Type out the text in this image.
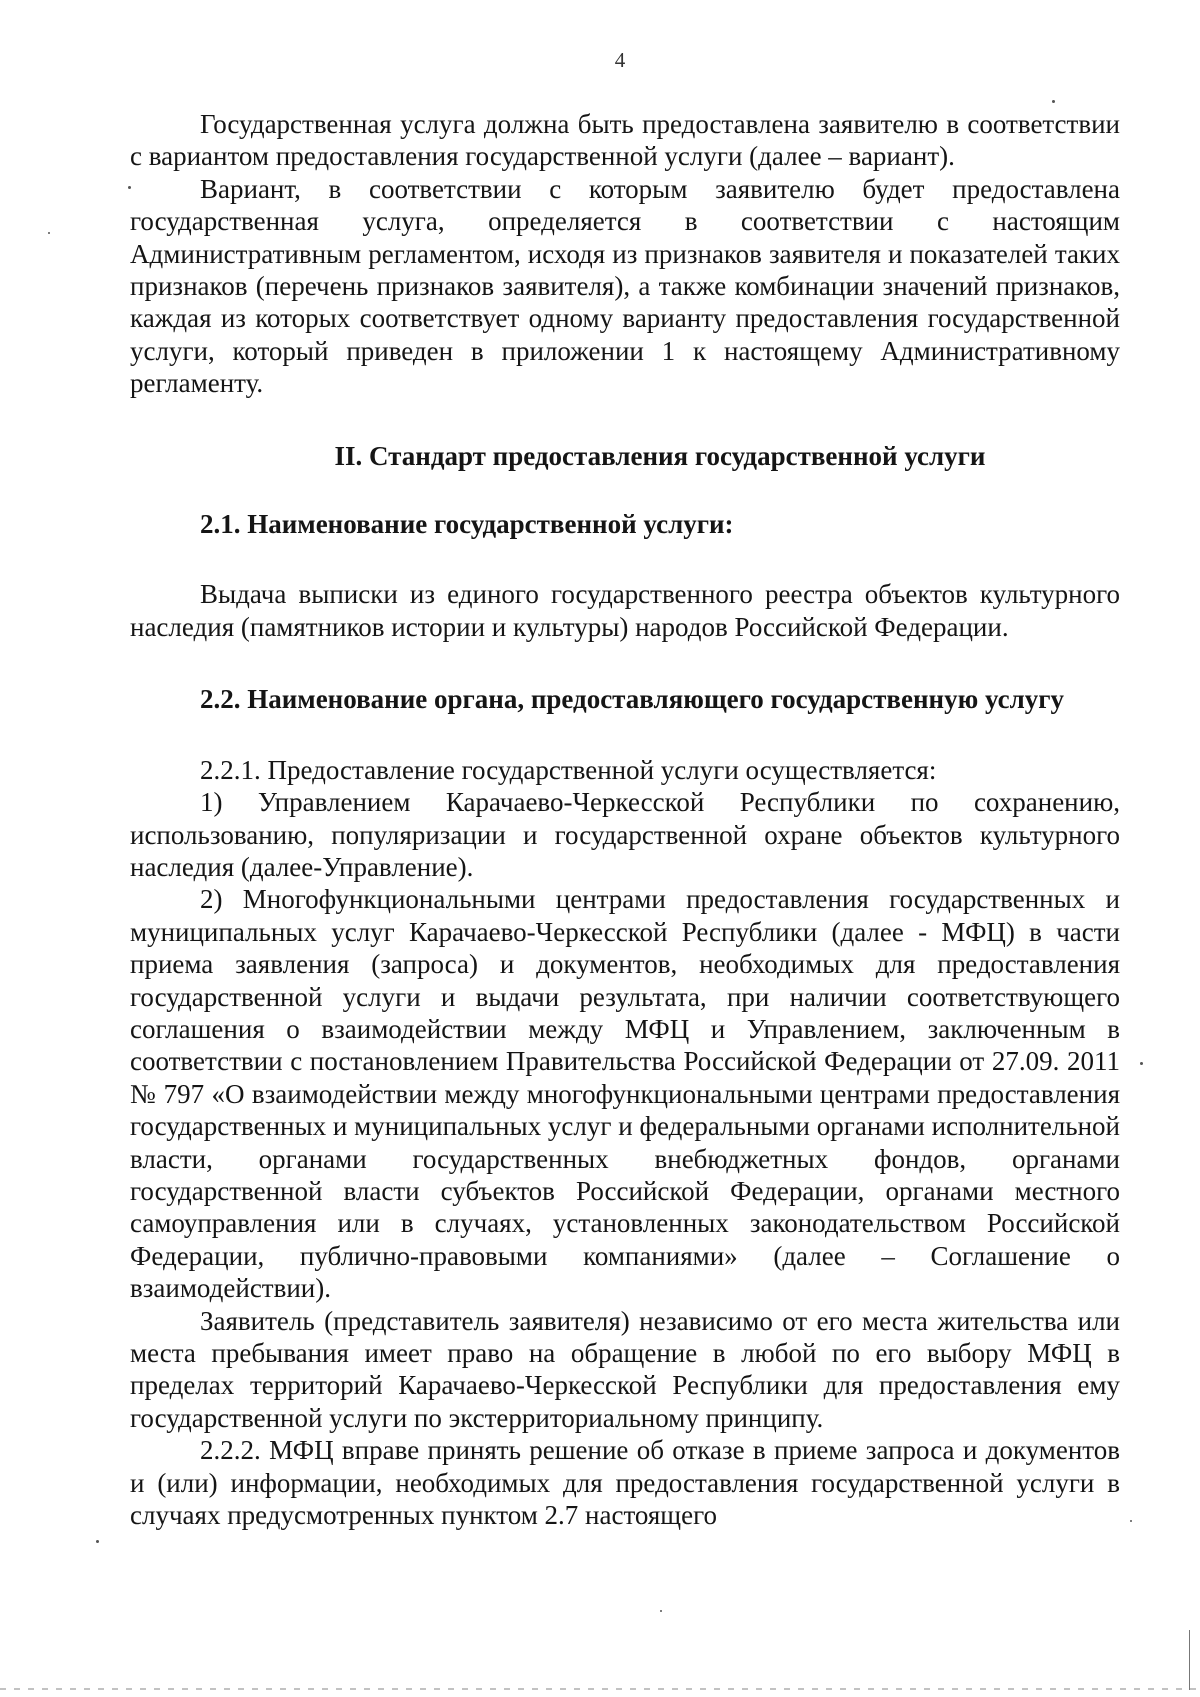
4

Государственная услуга должна быть предоставлена заявителю в соответствии с вариантом предоставления государственной услуги (далее – вариант).

Вариант, в соответствии с которым заявителю будет предоставлена государственная услуга, определяется в соответствии с настоящим Административным регламентом, исходя из признаков заявителя и показателей таких признаков (перечень признаков заявителя), а также комбинации значений признаков, каждая из которых соответствует одному варианту предоставления государственной услуги, который приведен в приложении 1 к настоящему Административному регламенту.

II. Стандарт предоставления государственной услуги

2.1. Наименование государственной услуги:

Выдача выписки из единого государственного реестра объектов культурного наследия (памятников истории и культуры) народов Российской Федерации.

2.2. Наименование органа, предоставляющего государственную услугу

2.2.1. Предоставление государственной услуги осуществляется:

1) Управлением Карачаево-Черкесской Республики по сохранению, использованию, популяризации и государственной охране объектов культурного наследия (далее-Управление).

2) Многофункциональными центрами предоставления государственных и муниципальных услуг Карачаево-Черкесской Республики (далее - МФЦ) в части приема заявления (запроса) и документов, необходимых для предоставления государственной услуги и выдачи результата, при наличии соответствующего соглашения о взаимодействии между МФЦ и Управлением, заключенным в соответствии с постановлением Правительства Российской Федерации от 27.09. 2011 № 797 «О взаимодействии между многофункциональными центрами предоставления государственных и муниципальных услуг и федеральными органами исполнительной власти, органами государственных внебюджетных фондов, органами государственной власти субъектов Российской Федерации, органами местного самоуправления или в случаях, установленных законодательством Российской Федерации, публично-правовыми компаниями» (далее – Соглашение о взаимодействии).

Заявитель (представитель заявителя) независимо от его места жительства или места пребывания имеет право на обращение в любой по его выбору МФЦ в пределах территорий Карачаево-Черкесской Республики для предоставления ему государственной услуги по экстерриториальному принципу.

2.2.2. МФЦ вправе принять решение об отказе в приеме запроса и документов и (или) информации, необходимых для предоставления государственной услуги в случаях предусмотренных пунктом 2.7 настоящего
